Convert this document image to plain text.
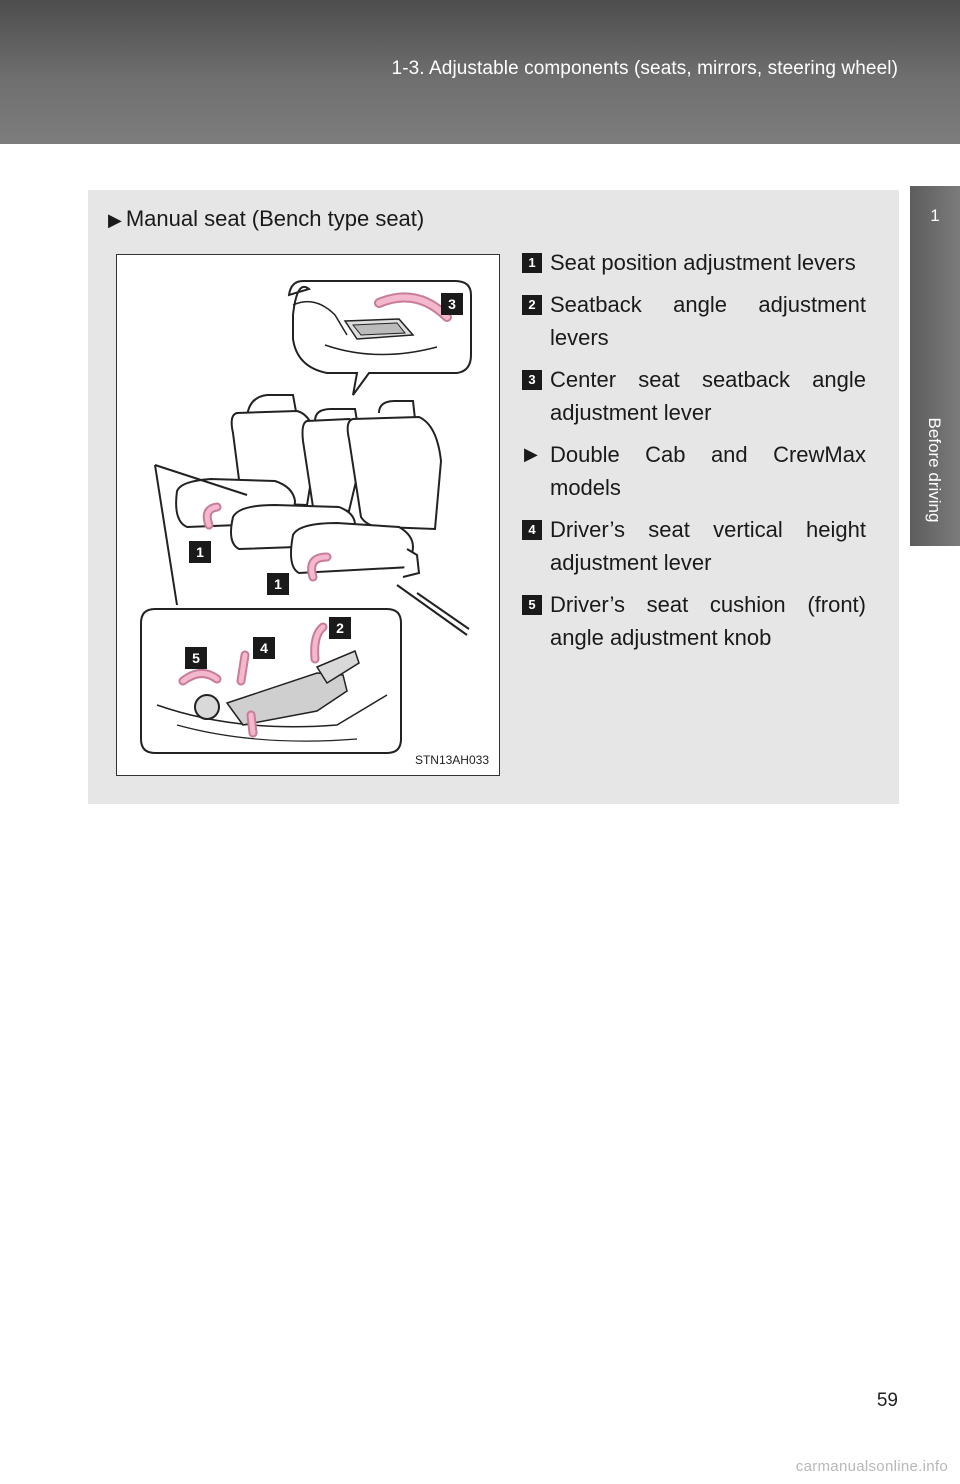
1-3. Adjustable components (seats, mirrors, steering wheel)
1
Before driving
▶ Manual seat (Bench type seat)
3
1
1
2
4
5
STN13AH033
1 Seat position adjustment levers
2 Seatback angle adjustment levers
3 Center seat seatback angle adjustment lever
▶ Double Cab and CrewMax models
4 Driver’s seat vertical height adjustment lever
5 Driver’s seat cushion (front) angle adjustment knob
59
carmanualsonline.info
